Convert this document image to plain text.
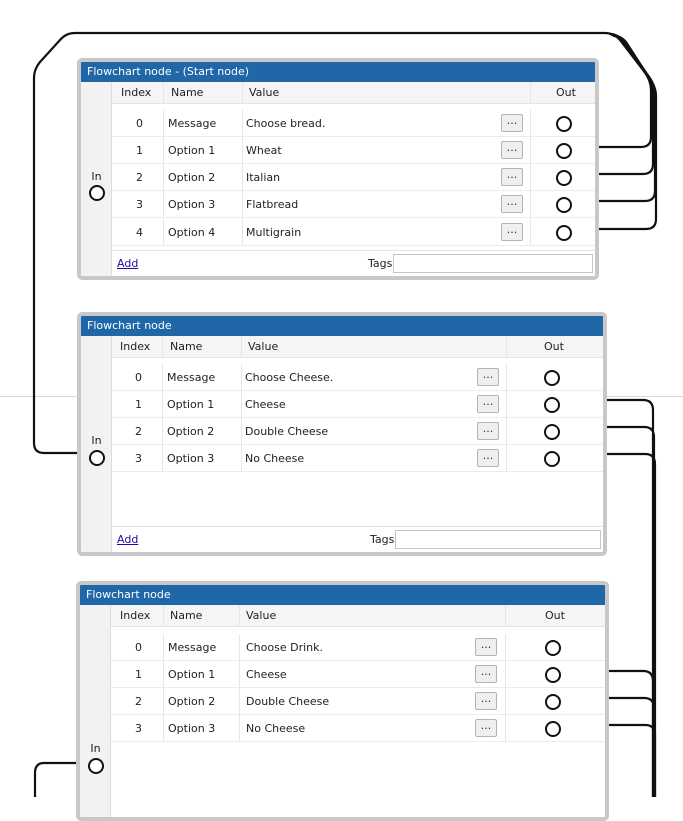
Flowchart node - (Start node)
In
Index Name	Value	Out
0 Message	Choose bread.	...
1 Option 1	Wheat	...
2 Option 2	Italian	...
3 Option 3	Flatbread	...
4 Option 4	Multigrain	...
Add	Tags
Flowchart node
In
Index Name	Value	Out
0 Message	Choose Cheese.	...
1 Option 1	Cheese	...
2 Option 2	Double Cheese	...
3 Option 3	No Cheese	...
Add	Tags
Flowchart node
In
Index Name	Value	Out
0 Message	Choose Drink.	...
1 Option 1	Cheese	...
2 Option 2	Double Cheese	...
3 Option 3	No Cheese	...
